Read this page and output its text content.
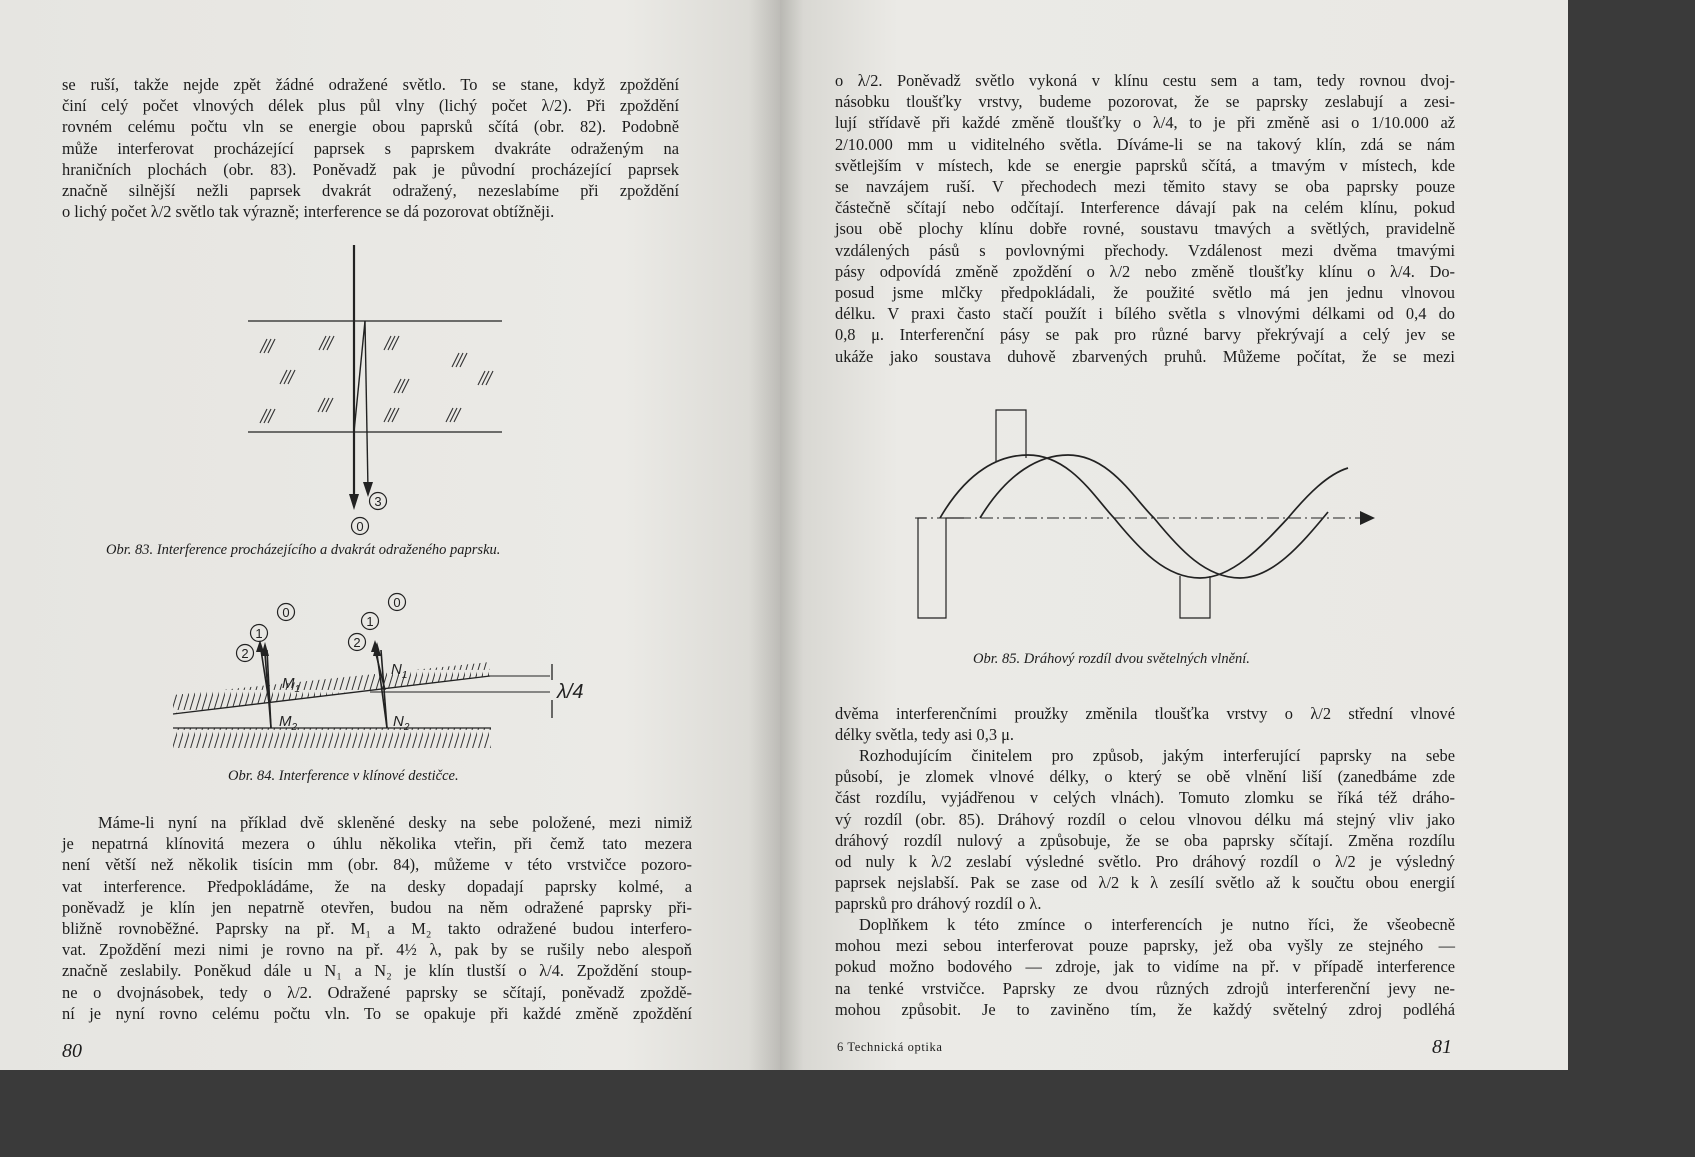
se ruší, takže nejde zpět žádné odražené světlo. To se stane, když zpoždění
činí celý počet vlnových délek plus půl vlny (lichý počet λ/2). Při zpoždění
rovném celému počtu vln se energie obou paprsků sčítá (obr. 82). Podobně
může interferovat procházející paprsek s paprskem dvakráte odraženým na
hraničních plochách (obr. 83). Poněvadž pak je původní procházející paprsek
značně silnější nežli paprsek dvakrát odražený, nezeslabíme při zpoždění
o lichý počet λ/2 světlo tak výrazně; interference se dá pozorovat obtížněji.

3
0

Obr. 83. Interference procházejícího a dvakrát odraženého paprsku.

λ/4
0
1
2
0
1
2
$M_1$
$M_2$
$N_1$
$N_2$

Obr. 84. Interference v klínové destičce.

Máme-li nyní na příklad dvě skleněné desky na sebe položené, mezi nimiž
je nepatrná klínovitá mezera o úhlu několika vteřin, při čemž tato mezera
není větší než několik tisícin mm (obr. 84), můžeme v této vrstvičce pozoro-
vat interference. Předpokládáme, že na desky dopadají paprsky kolmé, a
poněvadž je klín jen nepatrně otevřen, budou na něm odražené paprsky při-
bližně rovnoběžné. Paprsky na př. M₁ a M₂ takto odražené budou interfero-
vat. Zpoždění mezi nimi je rovno na př. 4½ λ, pak by se rušily nebo alespoň
značně zeslabily. Poněkud dále u N₁ a N₂ je klín tlustší o λ/4. Zpoždění stoup-
ne o dvojnásobek, tedy o λ/2. Odražené paprsky se sčítají, poněvadž zpoždě-
ní je nyní rovno celému počtu vln. To se opakuje při každé změně zpoždění

80

o λ/2. Poněvadž světlo vykoná v klínu cestu sem a tam, tedy rovnou dvoj-
násobku tloušťky vrstvy, budeme pozorovat, že se paprsky zeslabují a zesi-
lují střídavě při každé změně tloušťky o λ/4, to je při změně asi o 1/10.000 až
2/10.000 mm u viditelného světla. Díváme-li se na takový klín, zdá se nám
světlejším v místech, kde se energie paprsků sčítá, a tmavým v místech, kde
se navzájem ruší. V přechodech mezi těmito stavy se oba paprsky pouze
částečně sčítají nebo odčítají. Interference dávají pak na celém klínu, pokud
jsou obě plochy klínu dobře rovné, soustavu tmavých a světlých, pravidelně
vzdálených pásů s povlovnými přechody. Vzdálenost mezi dvěma tmavými
pásy odpovídá změně zpoždění o λ/2 nebo změně tloušťky klínu o λ/4. Do-
posud jsme mlčky předpokládali, že použité světlo má jen jednu vlnovou
délku. V praxi často stačí použít i bílého světla s vlnovými délkami od 0,4 do
0,8 μ. Interferenční pásy se pak pro různé barvy překrývají a celý jev se
ukáže jako soustava duhově zbarvených pruhů. Můžeme počítat, že se mezi

Obr. 85. Dráhový rozdíl dvou světelných vlnění.

dvěma interferenčními proužky změnila tloušťka vrstvy o λ/2 střední vlnové
délky světla, tedy asi 0,3 μ.

Rozhodujícím činitelem pro způsob, jakým interferující paprsky na sebe
působí, je zlomek vlnové délky, o který se obě vlnění liší (zanedbáme zde
část rozdílu, vyjádřenou v celých vlnách). Tomuto zlomku se říká též dráho-
vý rozdíl (obr. 85). Dráhový rozdíl o celou vlnovou délku má stejný vliv jako
dráhový rozdíl nulový a způsobuje, že se oba paprsky sčítají. Změna rozdílu
od nuly k λ/2 zeslabí výsledné světlo. Pro dráhový rozdíl o λ/2 je výsledný
paprsek nejslabší. Pak se zase od λ/2 k λ zesílí světlo až k součtu obou energií
paprsků pro dráhový rozdíl o λ.

Doplňkem k této zmínce o interferencích je nutno říci, že všeobecně
mohou mezi sebou interferovat pouze paprsky, jež oba vyšly ze stejného —
pokud možno bodového — zdroje, jak to vidíme na př. v případě interference
na tenké vrstvičce. Paprsky ze dvou různých zdrojů interferenční jevy ne-
mohou způsobit. Je to zaviněno tím, že každý světelný zdroj podléhá

6 Technická optika	81
